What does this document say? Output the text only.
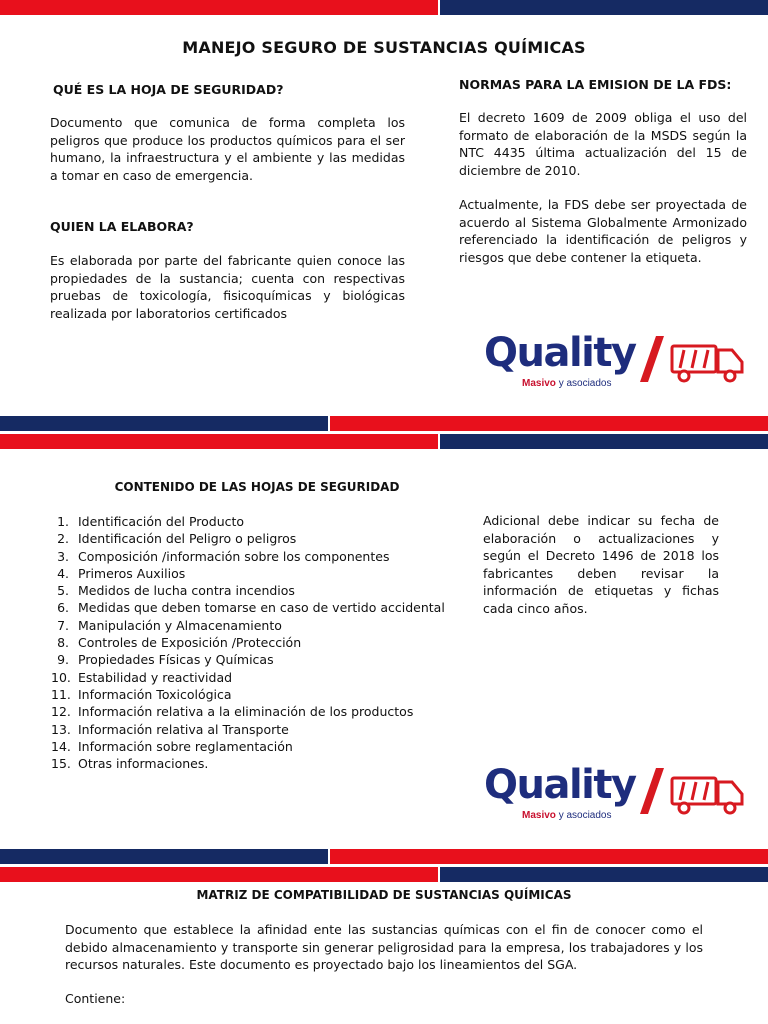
MANEJO SEGURO DE SUSTANCIAS QUÍMICAS
QUÉ ES LA HOJA DE SEGURIDAD?
Documento que comunica de forma completa los peligros que produce los productos químicos para el ser humano, la infraestructura y el ambiente y las medidas a tomar en caso de emergencia.
QUIEN LA ELABORA?
Es elaborada por parte del fabricante quien conoce las propiedades de la sustancia; cuenta con respectivas pruebas de toxicología, fisicoquímicas y biológicas realizada por laboratorios certificados
NORMAS PARA LA EMISION DE LA FDS:
El decreto 1609 de 2009 obliga el uso del formato de elaboración de la MSDS según la NTC 4435 última actualización del 15 de diciembre de 2010.
Actualmente, la FDS debe ser proyectada de acuerdo al Sistema Globalmente Armonizado referenciado la identificación de peligros y riesgos que debe contener la etiqueta.
Quality
Masivo y asociados
CONTENIDO DE LAS HOJAS DE SEGURIDAD
1. Identificación del Producto
2. Identificación del Peligro o peligros
3. Composición /información sobre los componentes
4. Primeros Auxilios
5. Medidos de lucha contra incendios
6. Medidas que deben tomarse en caso de vertido accidental
7. Manipulación y Almacenamiento
8. Controles de Exposición /Protección
9. Propiedades Físicas y Químicas
10. Estabilidad y reactividad
11. Información Toxicológica
12. Información relativa a la eliminación de los productos
13. Información relativa al Transporte
14. Información sobre reglamentación
15. Otras informaciones.
Adicional debe indicar su fecha de elaboración o actualizaciones y según el Decreto 1496 de 2018 los fabricantes deben revisar la información de etiquetas y fichas cada cinco años.
Quality
Masivo y asociados
MATRIZ DE COMPATIBILIDAD DE SUSTANCIAS QUÍMICAS
Documento que establece la afinidad ente las sustancias químicas con el fin de conocer como el debido almacenamiento y transporte sin generar peligrosidad para la empresa, los trabajadores y los recursos naturales. Este documento es proyectado bajo los lineamientos del SGA.
Contiene:
